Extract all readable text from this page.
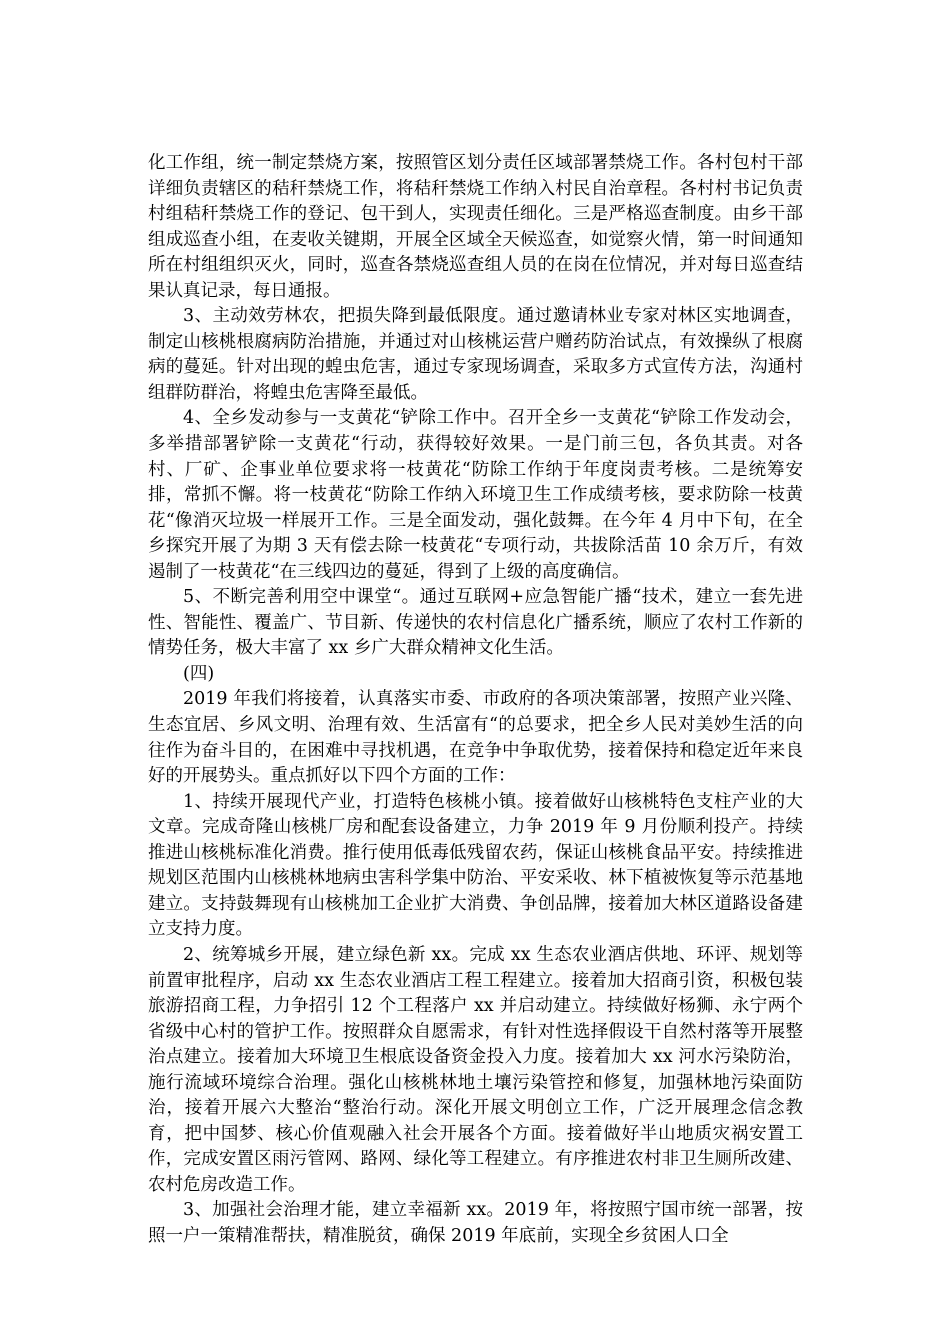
化工作组，统一制定禁烧方案，按照管区划分责任区域部署禁烧工作。各村包村干部详细负责辖区的秸秆禁烧工作，将秸秆禁烧工作纳入村民自治章程。各村村书记负责村组秸秆禁烧工作的登记、包干到人，实现责任细化。三是严格巡查制度。由乡干部组成巡查小组，在麦收关键期，开展全区域全天候巡查，如觉察火情，第一时间通知所在村组组织灭火，同时，巡查各禁烧巡查组人员的在岗在位情况，并对每日巡查结果认真记录，每日通报。

3、主动效劳林农，把损失降到最低限度。通过邀请林业专家对林区实地调查，制定山核桃根腐病防治措施，并通过对山核桃运营户赠药防治试点，有效操纵了根腐病的蔓延。针对出现的蝗虫危害，通过专家现场调查，采取多方式宣传方法，沟通村组群防群治，将蝗虫危害降至最低。

4、全乡发动参与一支黄花“铲除工作中。召开全乡一支黄花“铲除工作发动会，多举措部署铲除一支黄花“行动，获得较好效果。一是门前三包，各负其责。对各村、厂矿、企事业单位要求将一枝黄花“防除工作纳于年度岗责考核。二是统筹安排，常抓不懈。将一枝黄花“防除工作纳入环境卫生工作成绩考核，要求防除一枝黄花“像消灭垃圾一样展开工作。三是全面发动，强化鼓舞。在今年 4 月中下旬，在全乡探究开展了为期 3 天有偿去除一枝黄花“专项行动，共拔除活苗 10 余万斤，有效遏制了一枝黄花“在三线四边的蔓延，得到了上级的高度确信。

5、不断完善利用空中课堂“。通过互联网+应急智能广播“技术，建立一套先进性、智能性、覆盖广、节目新、传递快的农村信息化广播系统，顺应了农村工作新的情势任务，极大丰富了 xx 乡广大群众精神文化生活。

(四)

2019 年我们将接着，认真落实市委、市政府的各项决策部署，按照产业兴隆、生态宜居、乡风文明、治理有效、生活富有“的总要求，把全乡人民对美妙生活的向往作为奋斗目的，在困难中寻找机遇，在竞争中争取优势，接着保持和稳定近年来良好的开展势头。重点抓好以下四个方面的工作：

1、持续开展现代产业，打造特色核桃小镇。接着做好山核桃特色支柱产业的大文章。完成奇隆山核桃厂房和配套设备建立，力争 2019 年 9 月份顺利投产。持续推进山核桃标准化消费。推行使用低毒低残留农药，保证山核桃食品平安。持续推进规划区范围内山核桃林地病虫害科学集中防治、平安采收、林下植被恢复等示范基地建立。支持鼓舞现有山核桃加工企业扩大消费、争创品牌，接着加大林区道路设备建立支持力度。

2、统筹城乡开展，建立绿色新 xx。完成 xx 生态农业酒店供地、环评、规划等前置审批程序，启动 xx 生态农业酒店工程工程建立。接着加大招商引资，积极包装旅游招商工程，力争招引 12 个工程落户 xx 并启动建立。持续做好杨狮、永宁两个省级中心村的管护工作。按照群众自愿需求，有针对性选择假设干自然村落等开展整治点建立。接着加大环境卫生根底设备资金投入力度。接着加大 xx 河水污染防治，施行流域环境综合治理。强化山核桃林地土壤污染管控和修复，加强林地污染面防治，接着开展六大整治“整治行动。深化开展文明创立工作，广泛开展理念信念教育，把中国梦、核心价值观融入社会开展各个方面。接着做好半山地质灾祸安置工作，完成安置区雨污管网、路网、绿化等工程建立。有序推进农村非卫生厕所改建、农村危房改造工作。

3、加强社会治理才能，建立幸福新 xx。2019 年，将按照宁国市统一部署，按照一户一策精准帮扶，精准脱贫，确保 2019 年底前，实现全乡贫困人口全
